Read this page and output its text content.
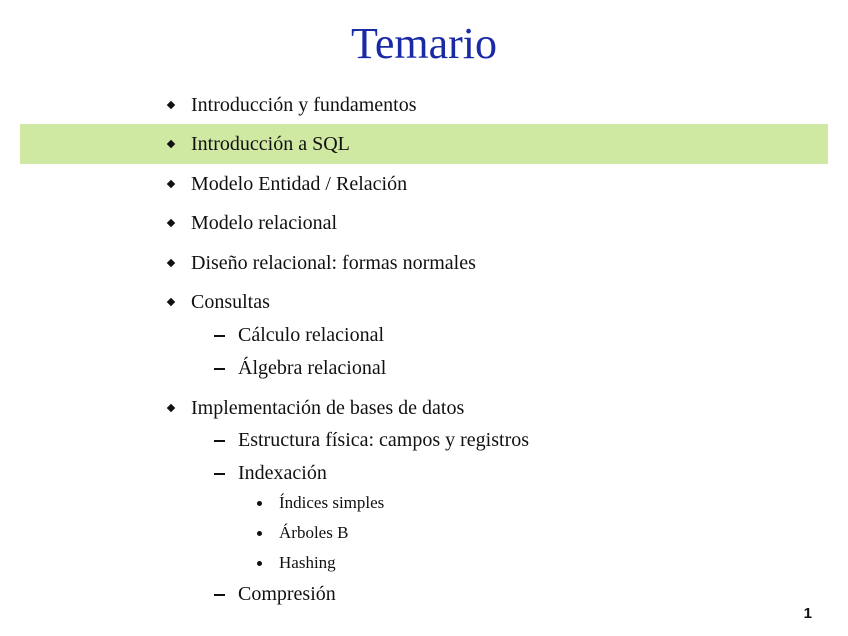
Temario
Introducción y fundamentos
Introducción a SQL
Modelo Entidad / Relación
Modelo relacional
Diseño relacional: formas normales
Consultas
Cálculo relacional
Álgebra relacional
Implementación de bases de datos
Estructura física: campos y registros
Indexación
Índices simples
Árboles B
Hashing
Compresión
1
